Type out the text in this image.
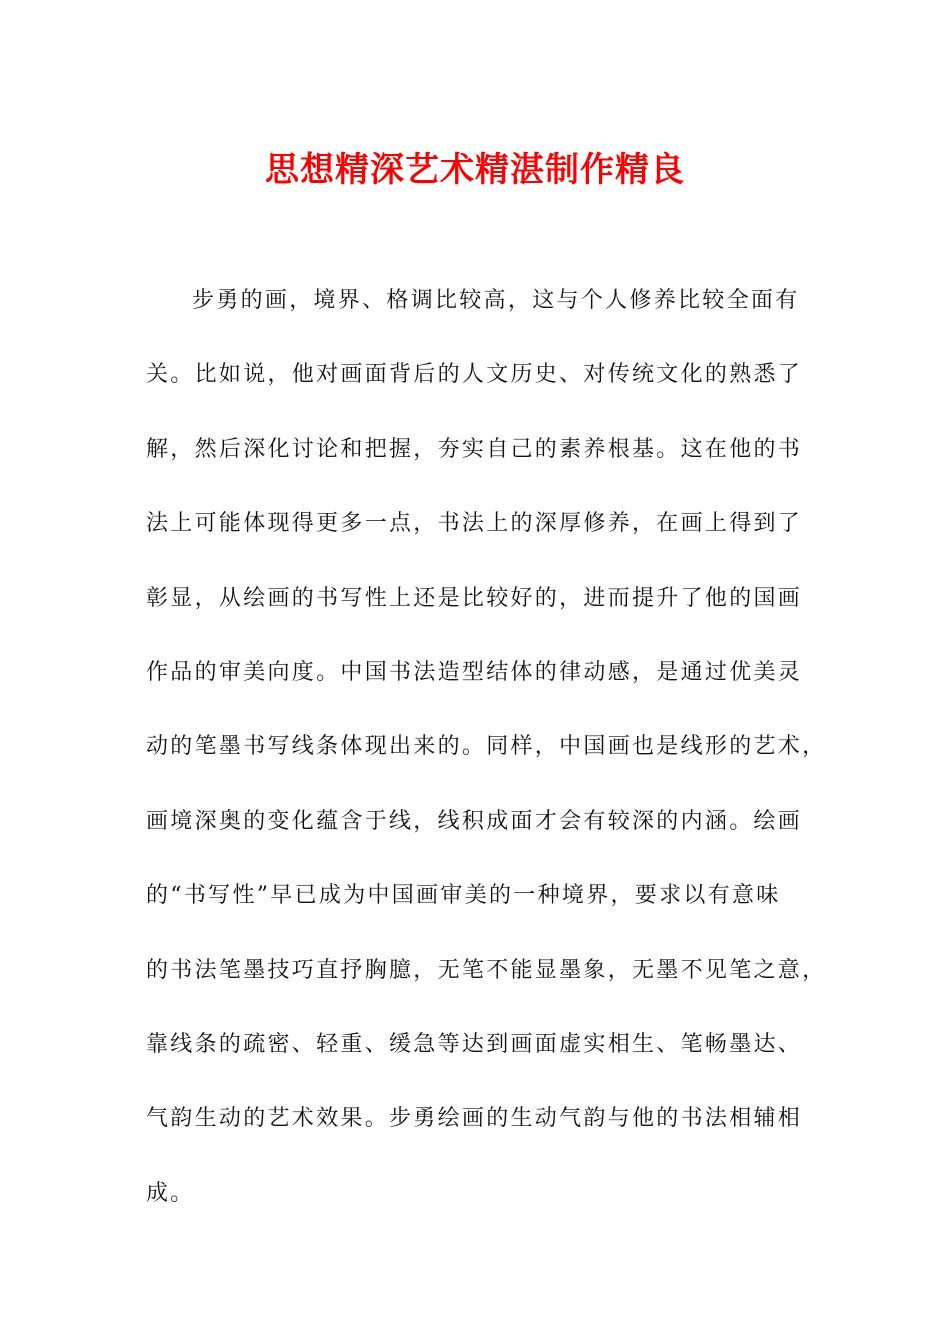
思想精深艺术精湛制作精良
步勇的画，境界、格调比较高，这与个人修养比较全面有
关。比如说，他对画面背后的人文历史、对传统文化的熟悉了
解，然后深化讨论和把握，夯实自己的素养根基。这在他的书
法上可能体现得更多一点，书法上的深厚修养，在画上得到了
彰显，从绘画的书写性上还是比较好的，进而提升了他的国画
作品的审美向度。中国书法造型结体的律动感，是通过优美灵
动的笔墨书写线条体现出来的。同样，中国画也是线形的艺术，
画境深奥的变化蕴含于线，线积成面才会有较深的内涵。绘画
的“书写性”早已成为中国画审美的一种境界，要求以有意味
的书法笔墨技巧直抒胸臆，无笔不能显墨象，无墨不见笔之意，
靠线条的疏密、轻重、缓急等达到画面虚实相生、笔畅墨达、
气韵生动的艺术效果。步勇绘画的生动气韵与他的书法相辅相
成。
